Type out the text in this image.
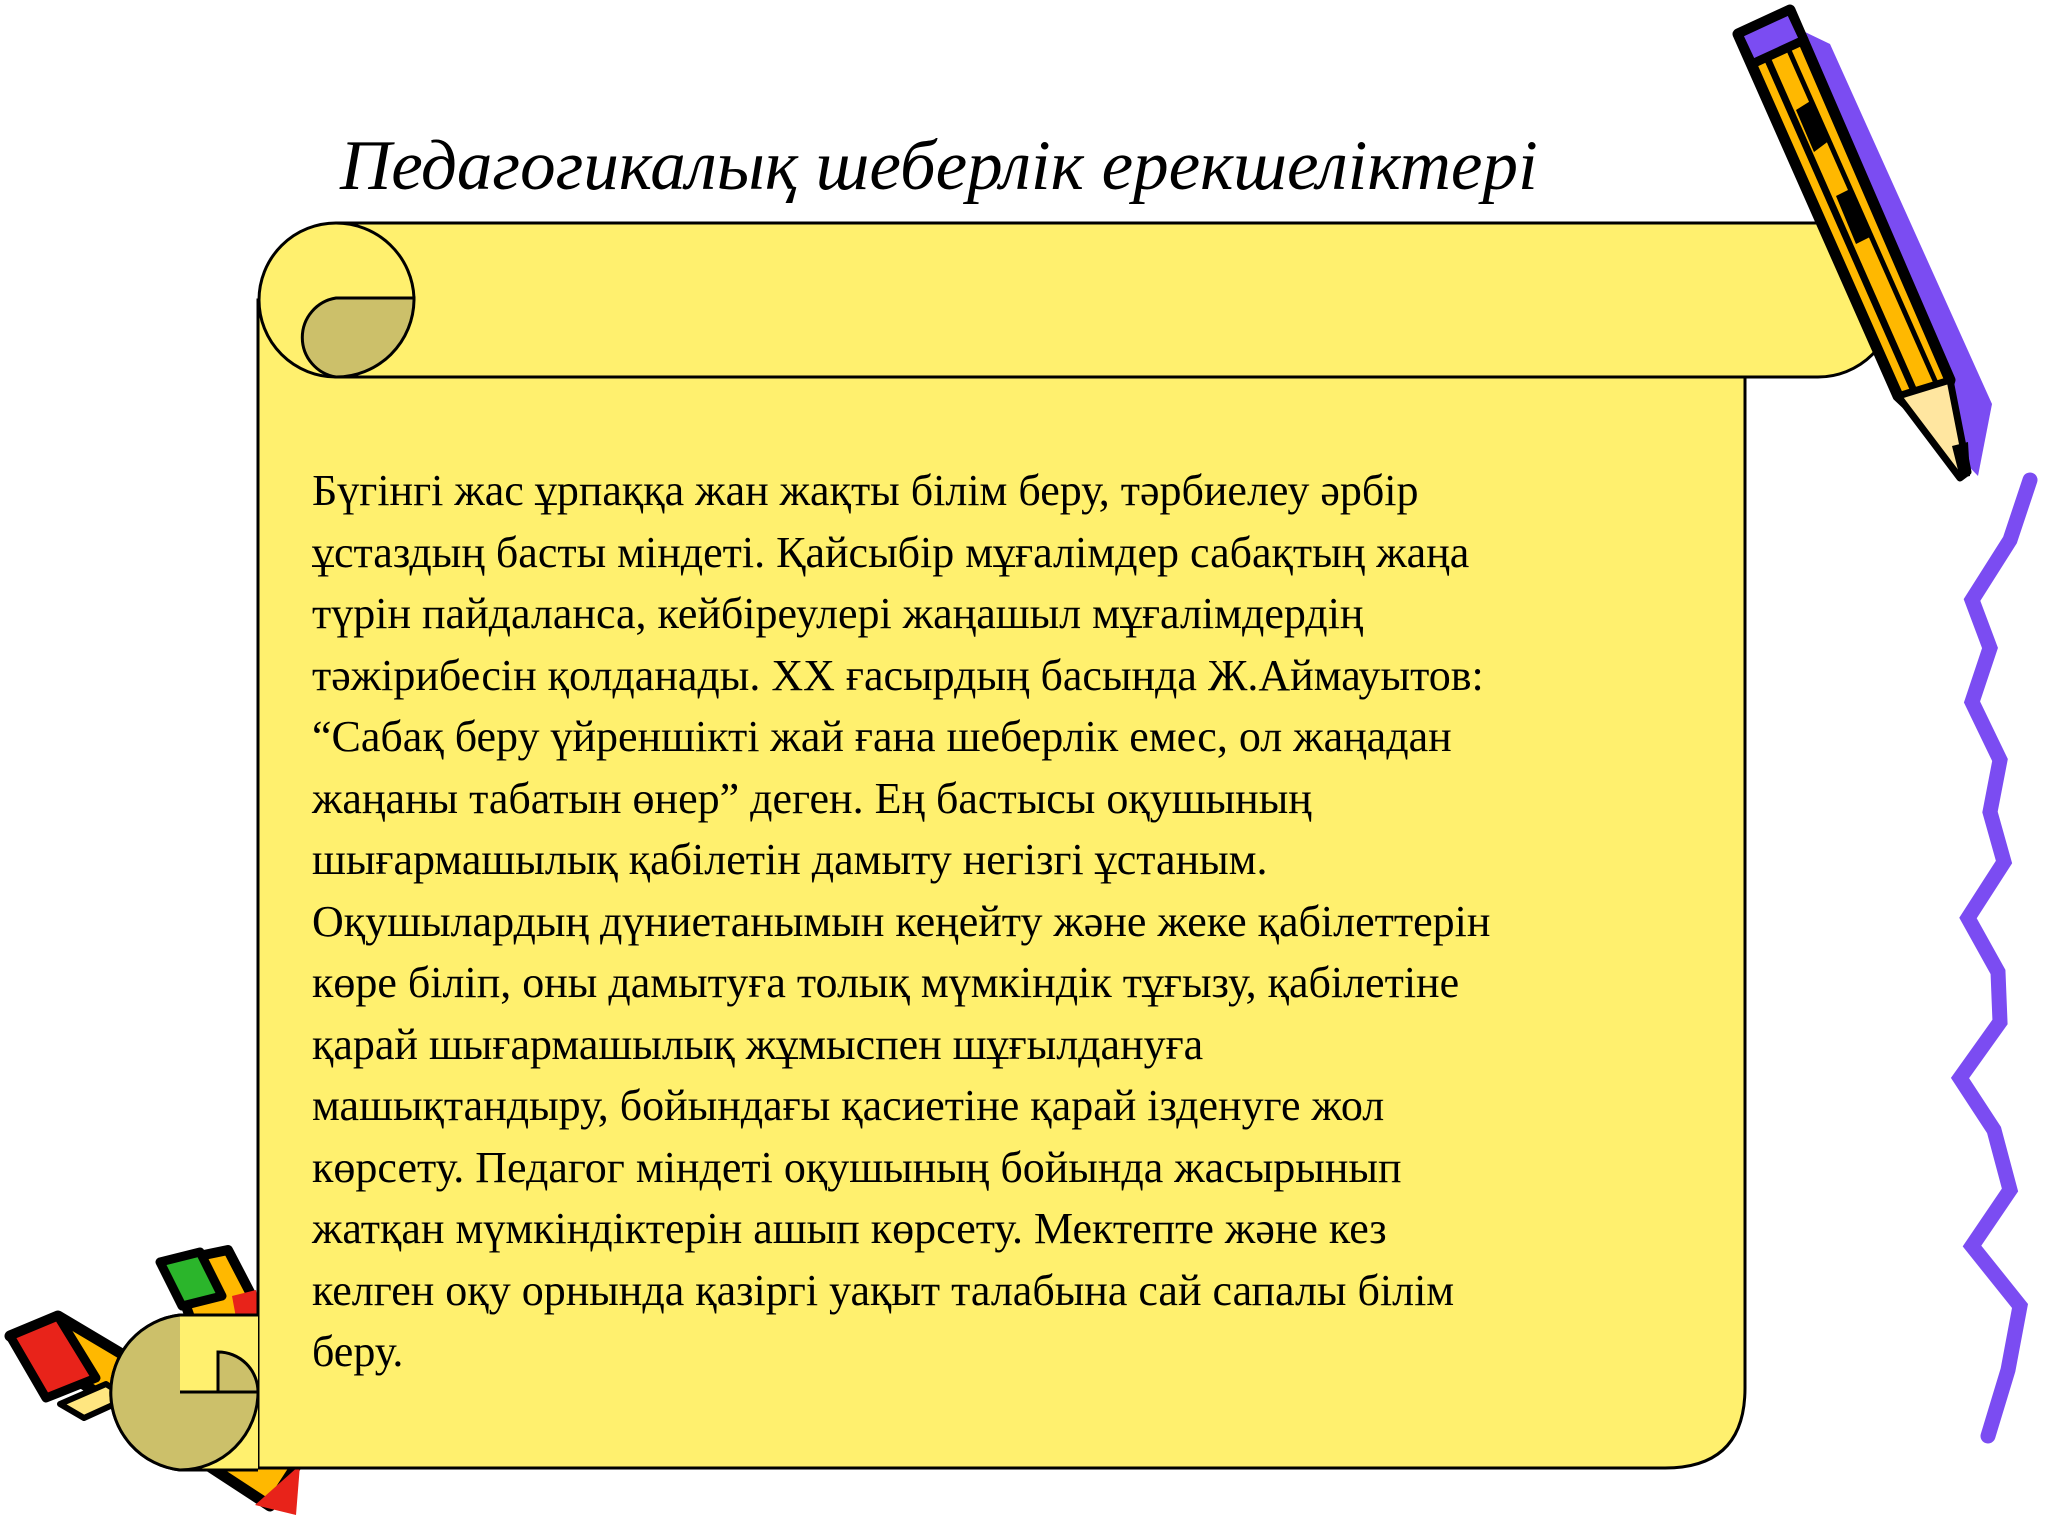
Педагогикалық шеберлік ерекшеліктері
Бүгінгі жас ұрпаққа жан жақты білім беру, тәрбиелеу әрбір
ұстаздың басты міндеті. Қайсыбір мұғалімдер сабақтың жаңа
түрін пайдаланса, кейбіреулері жаңашыл мұғалімдердің
тәжірибесін қолданады. XX ғасырдың басында Ж.Аймауытов:
“Сабақ беру үйреншікті жай ғана шеберлік емес, ол жаңадан
жаңаны табатын өнер” деген. Ең бастысы оқушының
шығармашылық қабілетін дамыту негізгі ұстаным.
Оқушылардың дүниетанымын кеңейту және жеке қабілеттерін
көре біліп, оны дамытуға толық мүмкіндік тұғызу, қабілетіне
қарай шығармашылық жұмыспен шұғылдануға
машықтандыру, бойындағы қасиетіне қарай ізденуге жол
көрсету. Педагог міндеті оқушының бойында жасырынып
жатқан мүмкіндіктерін ашып көрсету. Мектепте және кез
келген оқу орнында қазіргі уақыт талабына сай сапалы білім
беру.
